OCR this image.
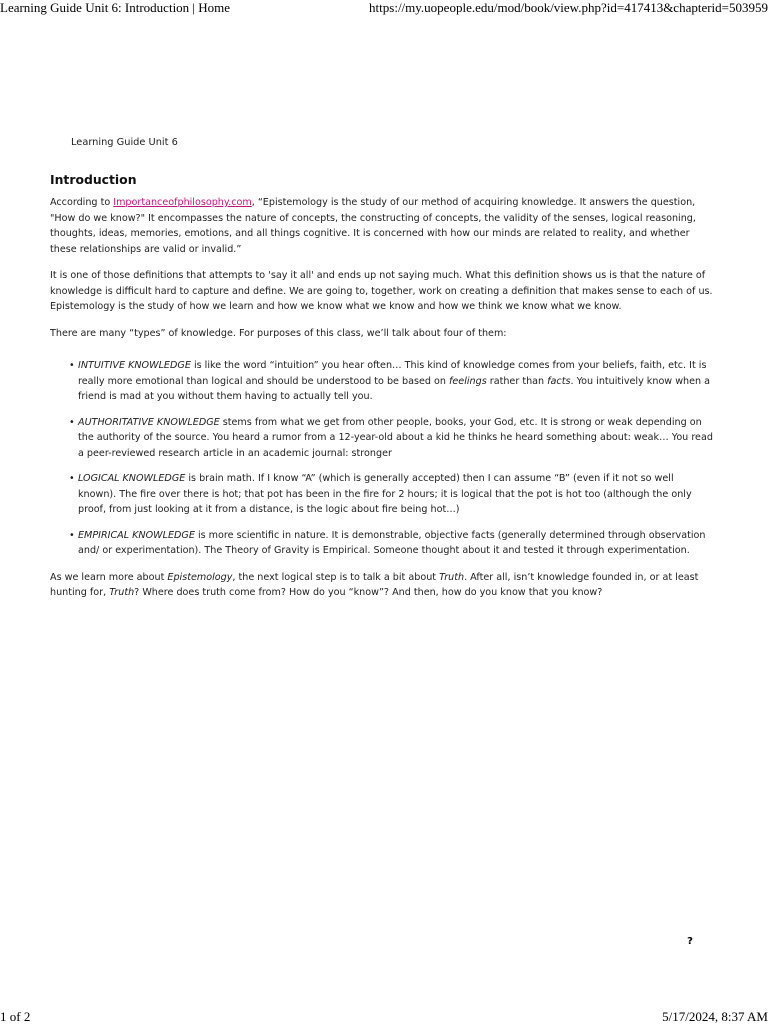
Learning Guide Unit 6: Introduction | Home	https://my.uopeople.edu/mod/book/view.php?id=417413&chapterid=503959
Learning Guide Unit 6
Introduction

According to Importanceofphilosophy.com, “Epistemology is the study of our method of acquiring knowledge. It answers the question, "How do we know?" It encompasses the nature of concepts, the constructing of concepts, the validity of the senses, logical reasoning, thoughts, ideas, memories, emotions, and all things cognitive. It is concerned with how our minds are related to reality, and whether these relationships are valid or invalid.”

It is one of those definitions that attempts to 'say it all' and ends up not saying much. What this definition shows us is that the nature of knowledge is difficult hard to capture and define. We are going to, together, work on creating a definition that makes sense to each of us. Epistemology is the study of how we learn and how we know what we know and how we think we know what we know.

There are many “types” of knowledge. For purposes of this class, we’ll talk about four of them:

• INTUITIVE KNOWLEDGE is like the word “intuition” you hear often… This kind of knowledge comes from your beliefs, faith, etc. It is really more emotional than logical and should be understood to be based on feelings rather than facts. You intuitively know when a friend is mad at you without them having to actually tell you.
• AUTHORITATIVE KNOWLEDGE stems from what we get from other people, books, your God, etc. It is strong or weak depending on the authority of the source. You heard a rumor from a 12-year-old about a kid he thinks he heard something about: weak… You read a peer-reviewed research article in an academic journal: stronger
• LOGICAL KNOWLEDGE is brain math. If I know “A” (which is generally accepted) then I can assume “B” (even if it not so well known). The fire over there is hot; that pot has been in the fire for 2 hours; it is logical that the pot is hot too (although the only proof, from just looking at it from a distance, is the logic about fire being hot…)
• EMPIRICAL KNOWLEDGE is more scientific in nature. It is demonstrable, objective facts (generally determined through observation and/ or experimentation). The Theory of Gravity is Empirical. Someone thought about it and tested it through experimentation.

As we learn more about Epistemology, the next logical step is to talk a bit about Truth. After all, isn’t knowledge founded in, or at least hunting for, Truth? Where does truth come from? How do you “know”? And then, how do you know that you know?

?
1 of 2	5/17/2024, 8:37 AM
